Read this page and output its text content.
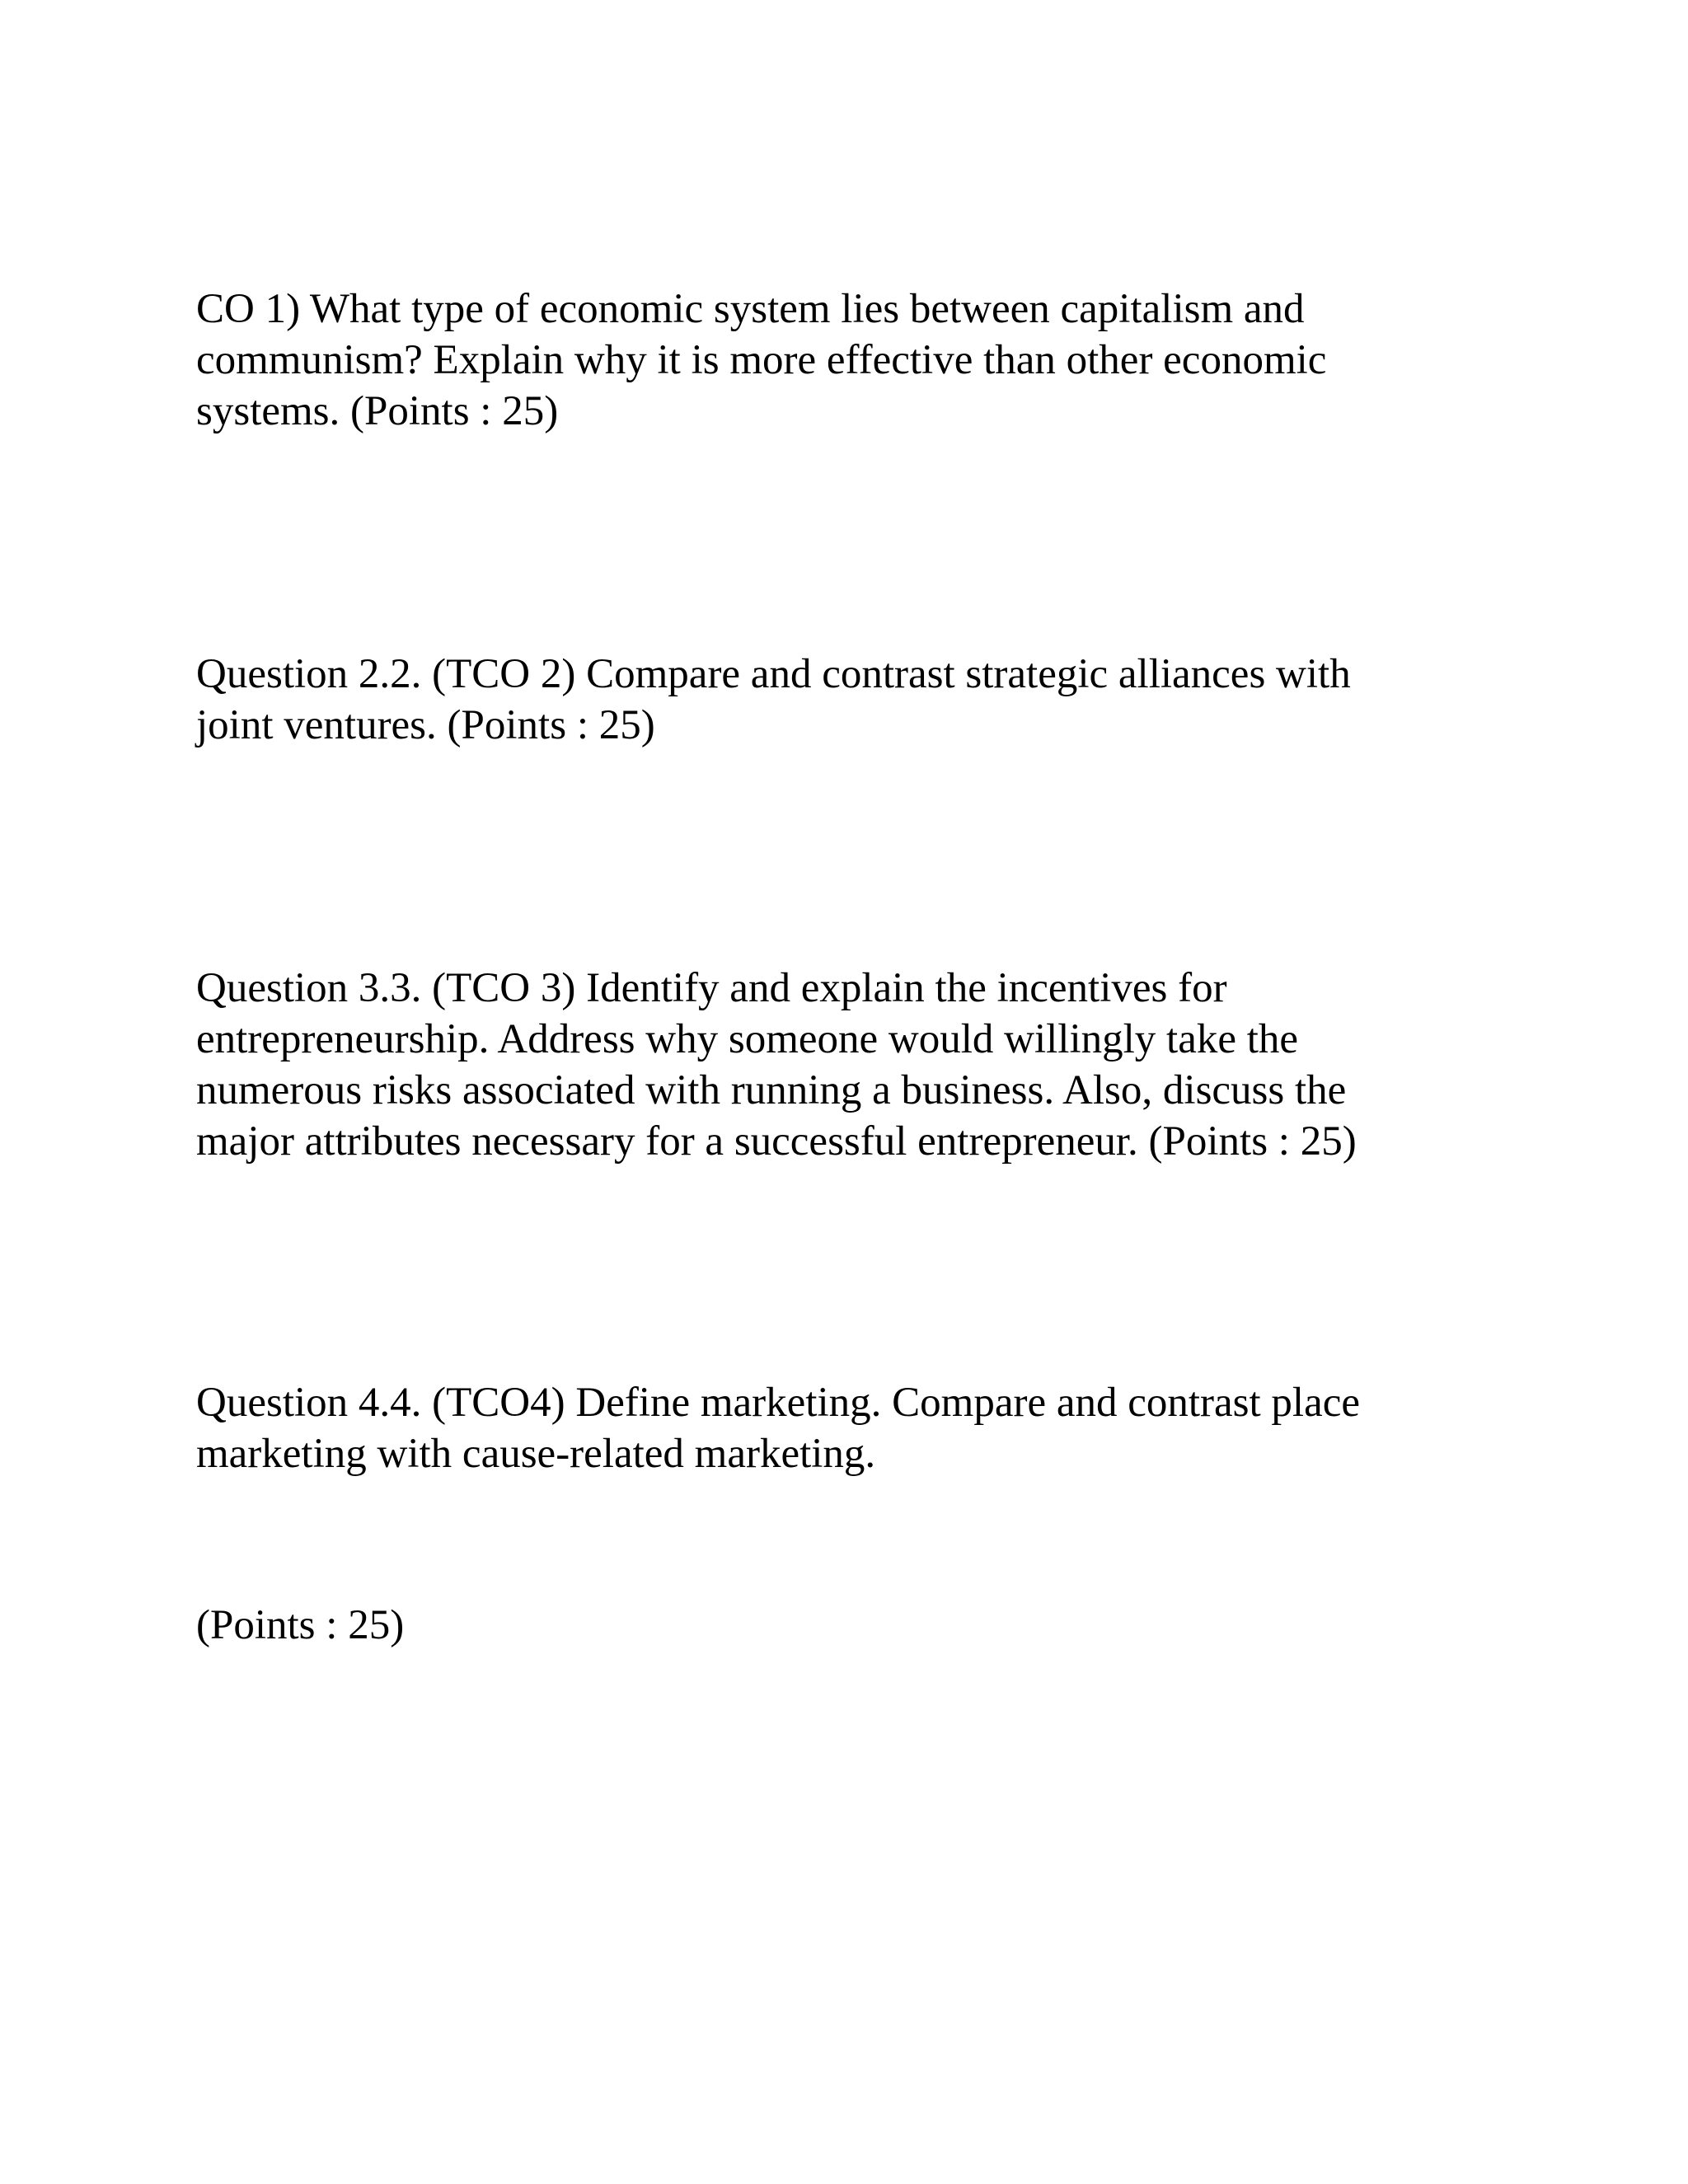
CO 1) What type of economic system lies between capitalism and
communism? Explain why it is more effective than other economic
systems. (Points : 25)

Question 2.2. (TCO 2) Compare and contrast strategic alliances with
joint ventures. (Points : 25)

Question 3.3. (TCO 3) Identify and explain the incentives for
entrepreneurship. Address why someone would willingly take the
numerous risks associated with running a business. Also, discuss the
major attributes necessary for a successful entrepreneur. (Points : 25)

Question 4.4. (TCO4) Define marketing. Compare and contrast place
marketing with cause-related marketing.

(Points : 25)
